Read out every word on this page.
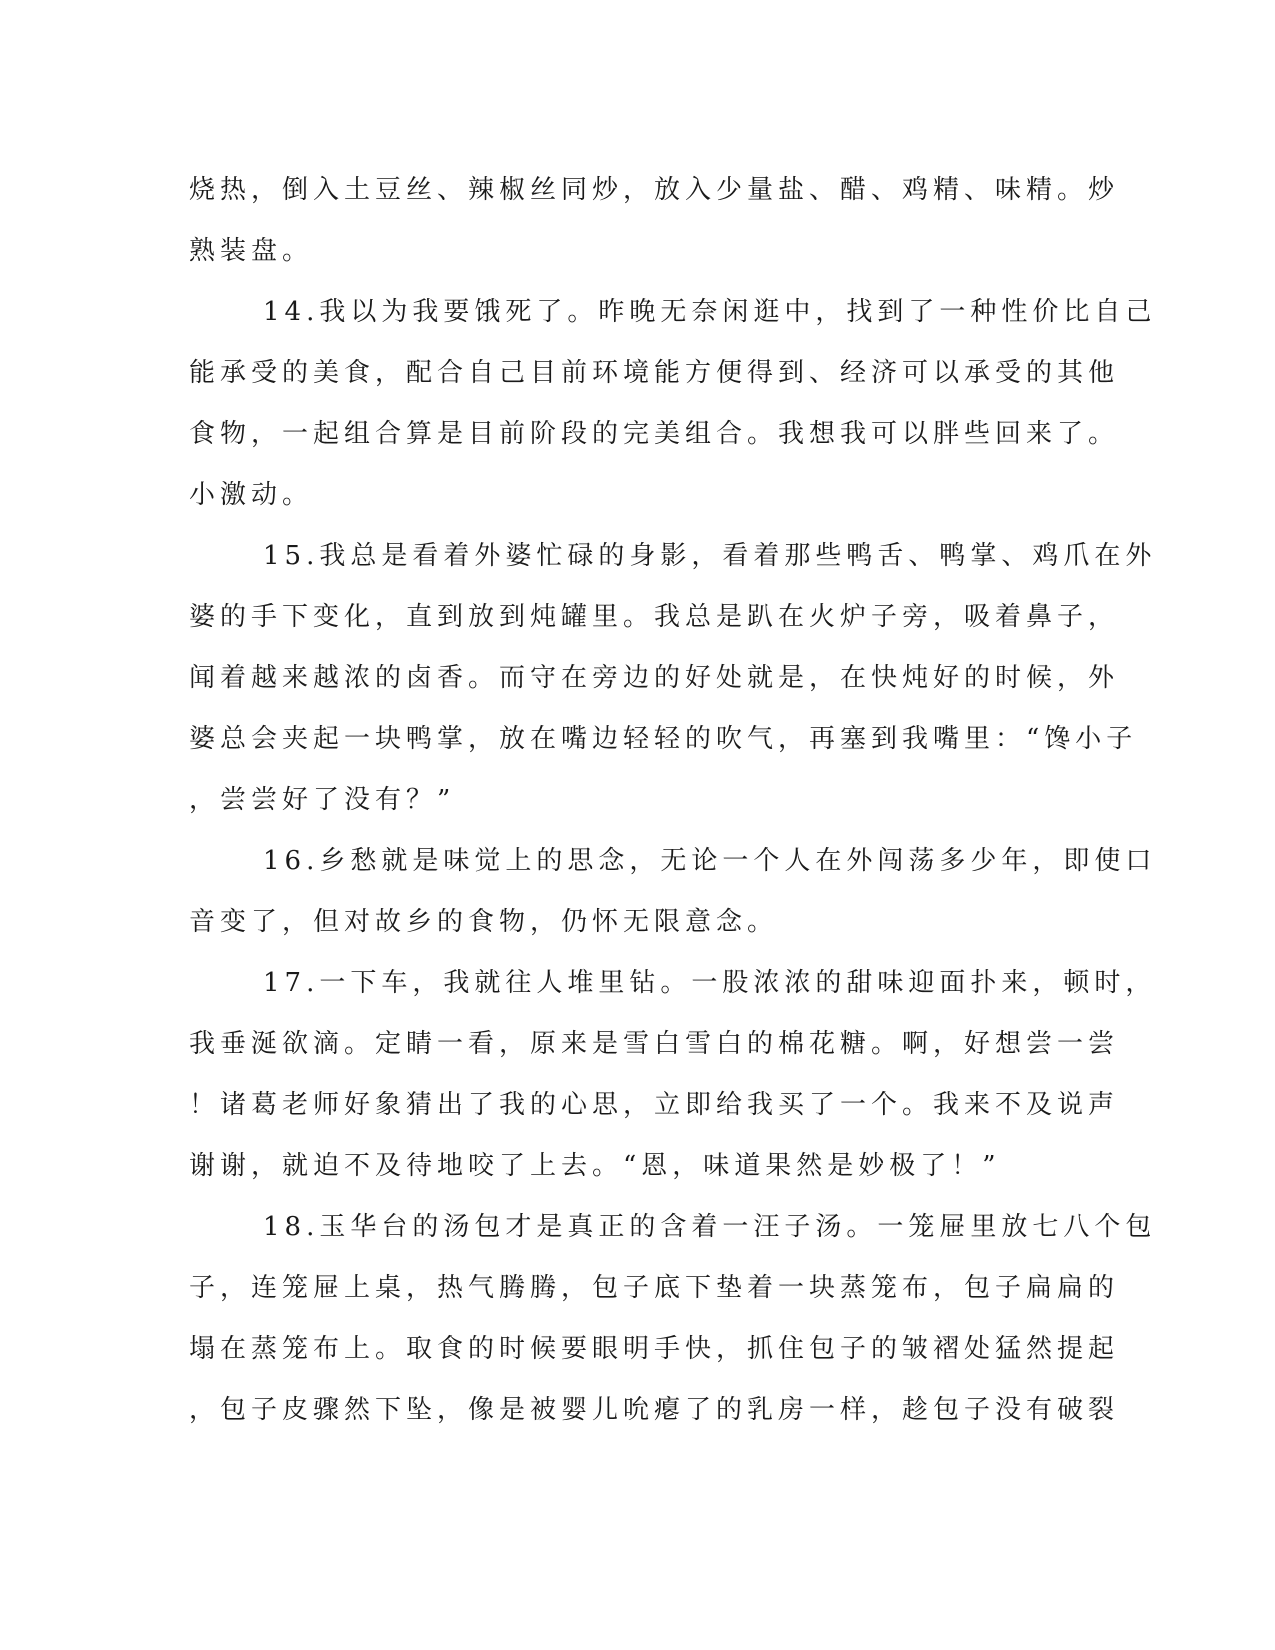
烧热，倒入土豆丝、辣椒丝同炒，放入少量盐、醋、鸡精、味精。炒
熟装盘。
14.我以为我要饿死了。昨晚无奈闲逛中，找到了一种性价比自己
能承受的美食，配合自己目前环境能方便得到、经济可以承受的其他
食物，一起组合算是目前阶段的完美组合。我想我可以胖些回来了。
小激动。
15.我总是看着外婆忙碌的身影，看着那些鸭舌、鸭掌、鸡爪在外
婆的手下变化，直到放到炖罐里。我总是趴在火炉子旁，吸着鼻子，
闻着越来越浓的卤香。而守在旁边的好处就是，在快炖好的时候，外
婆总会夹起一块鸭掌，放在嘴边轻轻的吹气，再塞到我嘴里：“馋小子
，尝尝好了没有？”
16.乡愁就是味觉上的思念，无论一个人在外闯荡多少年，即使口
音变了，但对故乡的食物，仍怀无限意念。
17.一下车，我就往人堆里钻。一股浓浓的甜味迎面扑来，顿时，
我垂涎欲滴。定睛一看，原来是雪白雪白的棉花糖。啊，好想尝一尝
！诸葛老师好象猜出了我的心思，立即给我买了一个。我来不及说声
谢谢，就迫不及待地咬了上去。“恩，味道果然是妙极了！”
18.玉华台的汤包才是真正的含着一汪子汤。一笼屉里放七八个包
子，连笼屉上桌，热气腾腾，包子底下垫着一块蒸笼布，包子扁扁的
塌在蒸笼布上。取食的时候要眼明手快，抓住包子的皱褶处猛然提起
，包子皮骤然下坠，像是被婴儿吮瘪了的乳房一样，趁包子没有破裂
